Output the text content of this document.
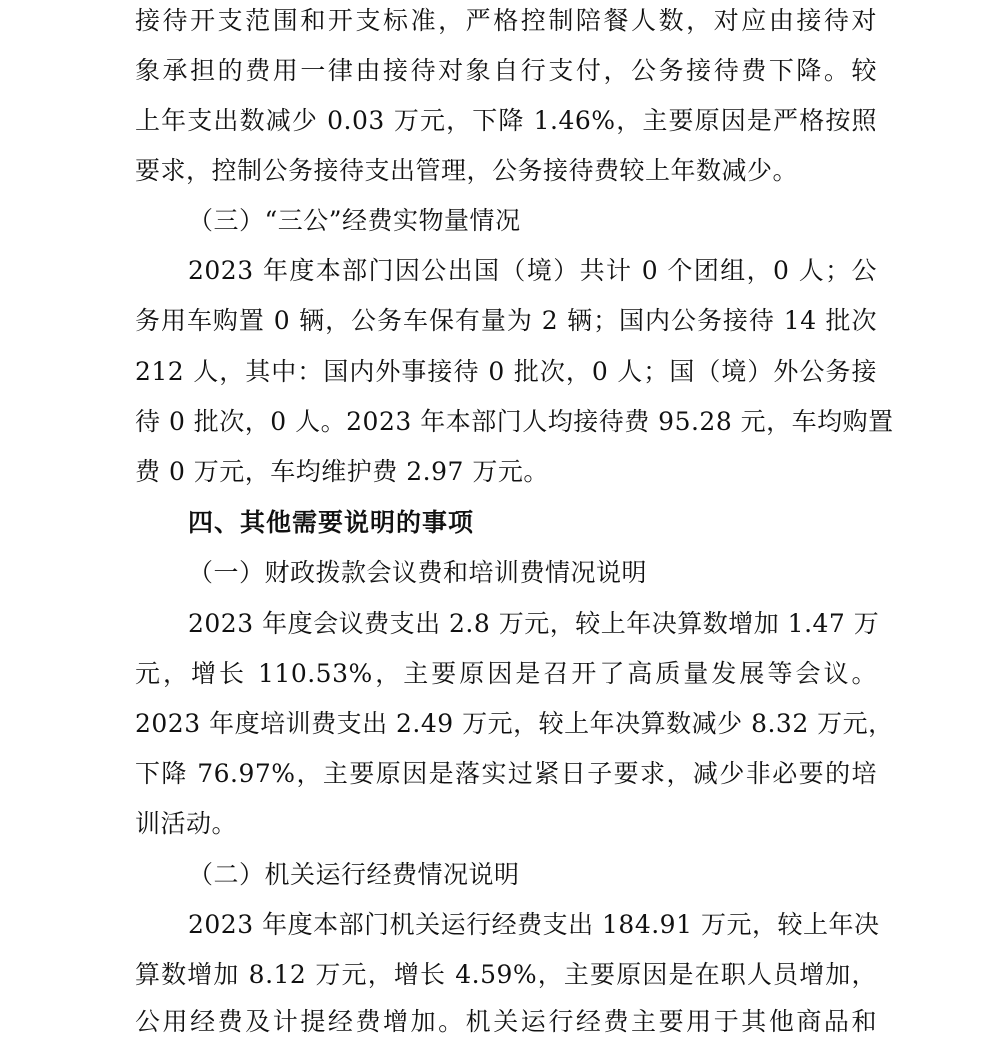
接待开支范围和开支标准，严格控制陪餐人数，对应由接待对
象承担的费用一律由接待对象自行支付，公务接待费下降。较
上年支出数减少 0.03 万元，下降 1.46%，主要原因是严格按照
要求，控制公务接待支出管理，公务接待费较上年数减少。
（三）“三公”经费实物量情况
2023 年度本部门因公出国（境）共计 0 个团组，0 人；公
务用车购置 0 辆，公务车保有量为 2 辆；国内公务接待 14 批次
212 人，其中：国内外事接待 0 批次，0 人；国（境）外公务接
待 0 批次，0 人。2023 年本部门人均接待费 95.28 元，车均购置
费 0 万元，车均维护费 2.97 万元。
四、其他需要说明的事项
（一）财政拨款会议费和培训费情况说明
2023 年度会议费支出 2.8 万元，较上年决算数增加 1.47 万
元，增长 110.53%，主要原因是召开了高质量发展等会议。
2023 年度培训费支出 2.49 万元，较上年决算数减少 8.32 万元，
下降 76.97%，主要原因是落实过紧日子要求，减少非必要的培
训活动。
（二）机关运行经费情况说明
2023 年度本部门机关运行经费支出 184.91 万元，较上年决
算数增加 8.12 万元，增长 4.59%，主要原因是在职人员增加，
公用经费及计提经费增加。机关运行经费主要用于其他商品和
